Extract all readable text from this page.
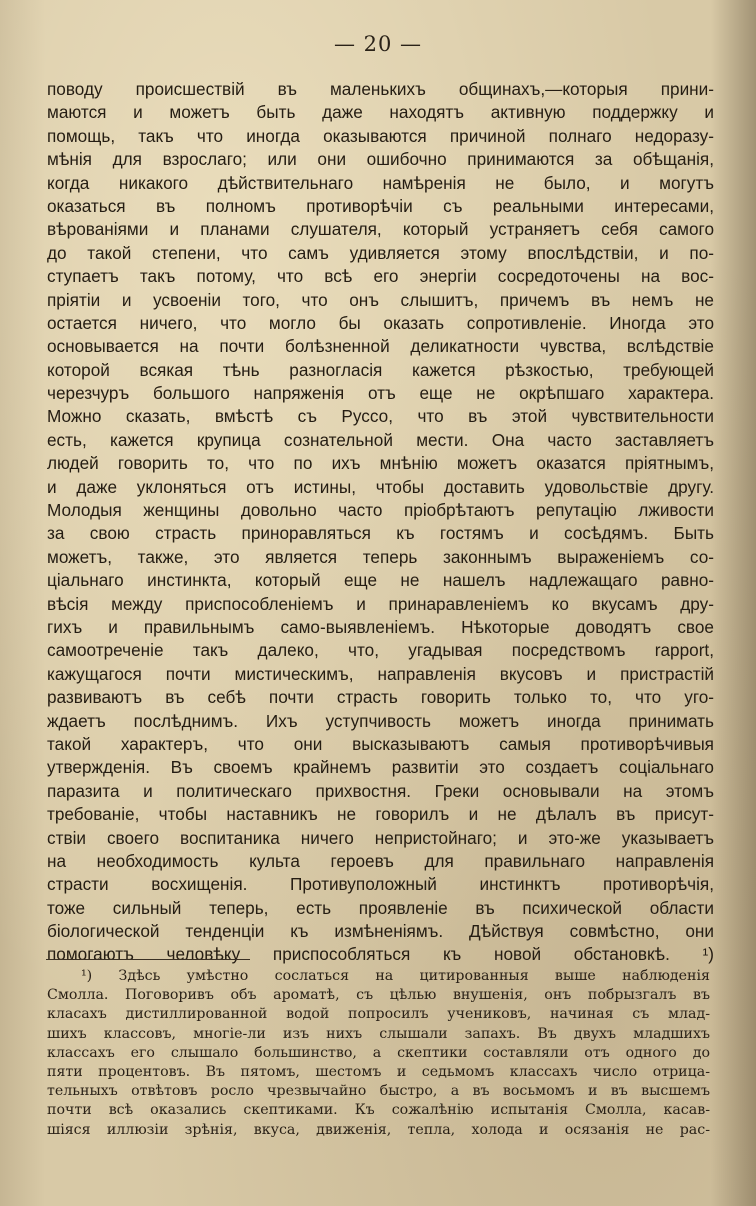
— 20 —
поводу происшествій въ маленькихъ общинахъ,—которыя прини-
маются и можетъ быть даже находятъ активную поддержку и
помощь, такъ что иногда оказываются причиной полнаго недоразу-
мѣнія для взрослаго; или они ошибочно принимаются за обѣщанія,
когда никакого дѣйствительнаго намѣренія не было, и могутъ
оказаться въ полномъ противорѣчіи съ реальными интересами,
вѣрованіями и планами слушателя, который устраняетъ себя самого
до такой степени, что самъ удивляется этому впослѣдствіи, и по-
ступаетъ такъ потому, что всѣ его энергіи сосредоточены на вос-
пріятіи и усвоеніи того, что онъ слышитъ, причемъ въ немъ не
остается ничего, что могло бы оказать сопротивленіе. Иногда это
основывается на почти болѣзненной деликатности чувства, вслѣдствіе
которой всякая тѣнь разногласія кажется рѣзкостью, требующей
черезчуръ большого напряженія отъ еще не окрѣпшаго характера.
Можно сказать, вмѣстѣ съ Руссо, что въ этой чувствительности
есть, кажется крупица сознательной мести. Она часто заставляетъ
людей говорить то, что по ихъ мнѣнію можетъ оказатся пріятнымъ,
и даже уклоняться отъ истины, чтобы доставить удовольствіе другу.
Молодыя женщины довольно часто пріобрѣтаютъ репутацію лживости
за свою страсть приноравляться къ гостямъ и сосѣдямъ. Быть
можетъ, также, это является теперь законнымъ выраженіемъ со-
ціальнаго инстинкта, который еще не нашелъ надлежащаго равно-
вѣсія между приспособленіемъ и принаравленіемъ ко вкусамъ дру-
гихъ и правильнымъ само-выявленіемъ. Нѣкоторые доводятъ свое
самоотреченіе такъ далеко, что, угадывая посредствомъ rapport,
кажущагося почти мистическимъ, направленія вкусовъ и пристрастій
развиваютъ въ себѣ почти страсть говорить только то, что уго-
ждаетъ послѣднимъ. Ихъ уступчивость можетъ иногда принимать
такой характеръ, что они высказываютъ самыя противорѣчивыя
утвержденія. Въ своемъ крайнемъ развитіи это создаетъ соціальнаго
паразита и политическаго прихвостня. Греки основывали на этомъ
требованіе, чтобы наставникъ не говорилъ и не дѣлалъ въ присут-
ствіи своего воспитаника ничего непристойнаго; и это-же указываетъ
на необходимость культа героевъ для правильнаго направленія
страсти восхищенія. Противуположный инстинктъ противорѣчія,
тоже сильный теперь, есть проявленіе въ психической области
біологической тенденціи къ измѣненіямъ. Дѣйствуя совмѣстно, они
помогаютъ человѣку приспособляться къ новой обстановкѣ. ¹)
¹) Здѣсь умѣстно сослаться на цитированныя выше наблюденія
Смолла. Поговоривъ объ ароматѣ, съ цѣлью внушенія, онъ побрызгалъ въ
класахъ дистиллированной водой попросилъ учениковъ, начиная съ млад-
шихъ классовъ, многіе-ли изъ нихъ слышали запахъ. Въ двухъ младшихъ
классахъ его слышало большинство, а скептики составляли отъ одного до
пяти процентовъ. Въ пятомъ, шестомъ и седьмомъ классахъ число отрица-
тельныхъ отвѣтовъ росло чрезвычайно быстро, а въ восьмомъ и въ высшемъ
почти всѣ оказались скептиками. Къ сожалѣнію испытанія Смолла, касав-
шіяся иллюзіи зрѣнія, вкуса, движенія, тепла, холода и осязанія не рас-
